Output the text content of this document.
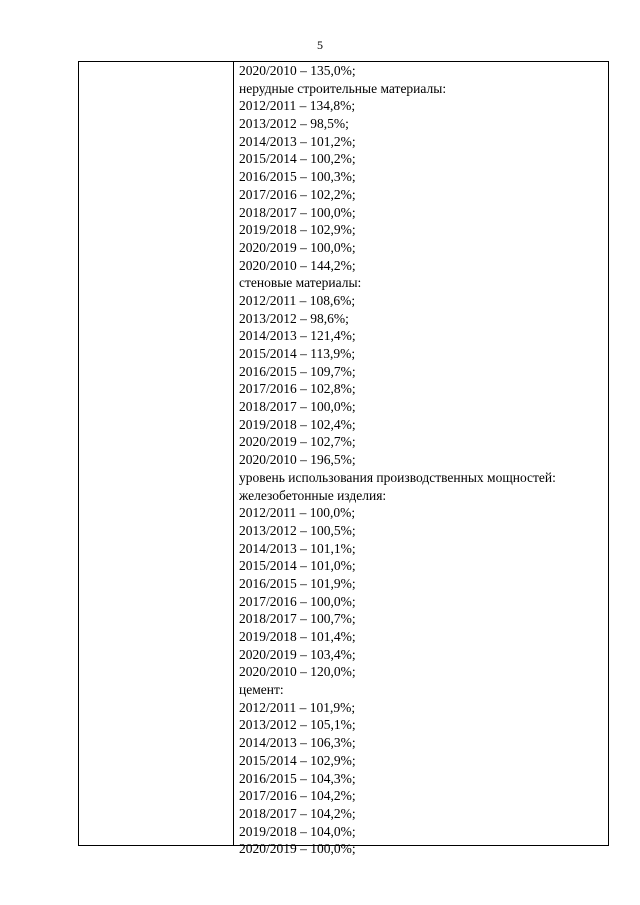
5
2020/2010 – 135,0%;
нерудные строительные материалы:
2012/2011 – 134,8%;
2013/2012 – 98,5%;
2014/2013 – 101,2%;
2015/2014 – 100,2%;
2016/2015 – 100,3%;
2017/2016 – 102,2%;
2018/2017 – 100,0%;
2019/2018 – 102,9%;
2020/2019 – 100,0%;
2020/2010 – 144,2%;
стеновые материалы:
2012/2011 – 108,6%;
2013/2012 – 98,6%;
2014/2013 – 121,4%;
2015/2014 – 113,9%;
2016/2015 – 109,7%;
2017/2016 – 102,8%;
2018/2017 – 100,0%;
2019/2018 – 102,4%;
2020/2019 – 102,7%;
2020/2010 – 196,5%;
уровень использования производственных мощностей:
железобетонные изделия:
2012/2011 – 100,0%;
2013/2012 – 100,5%;
2014/2013 – 101,1%;
2015/2014 – 101,0%;
2016/2015 – 101,9%;
2017/2016 – 100,0%;
2018/2017 – 100,7%;
2019/2018 – 101,4%;
2020/2019 – 103,4%;
2020/2010 – 120,0%;
цемент:
2012/2011 – 101,9%;
2013/2012 – 105,1%;
2014/2013 – 106,3%;
2015/2014 – 102,9%;
2016/2015 – 104,3%;
2017/2016 – 104,2%;
2018/2017 – 104,2%;
2019/2018 – 104,0%;
2020/2019 – 100,0%;
